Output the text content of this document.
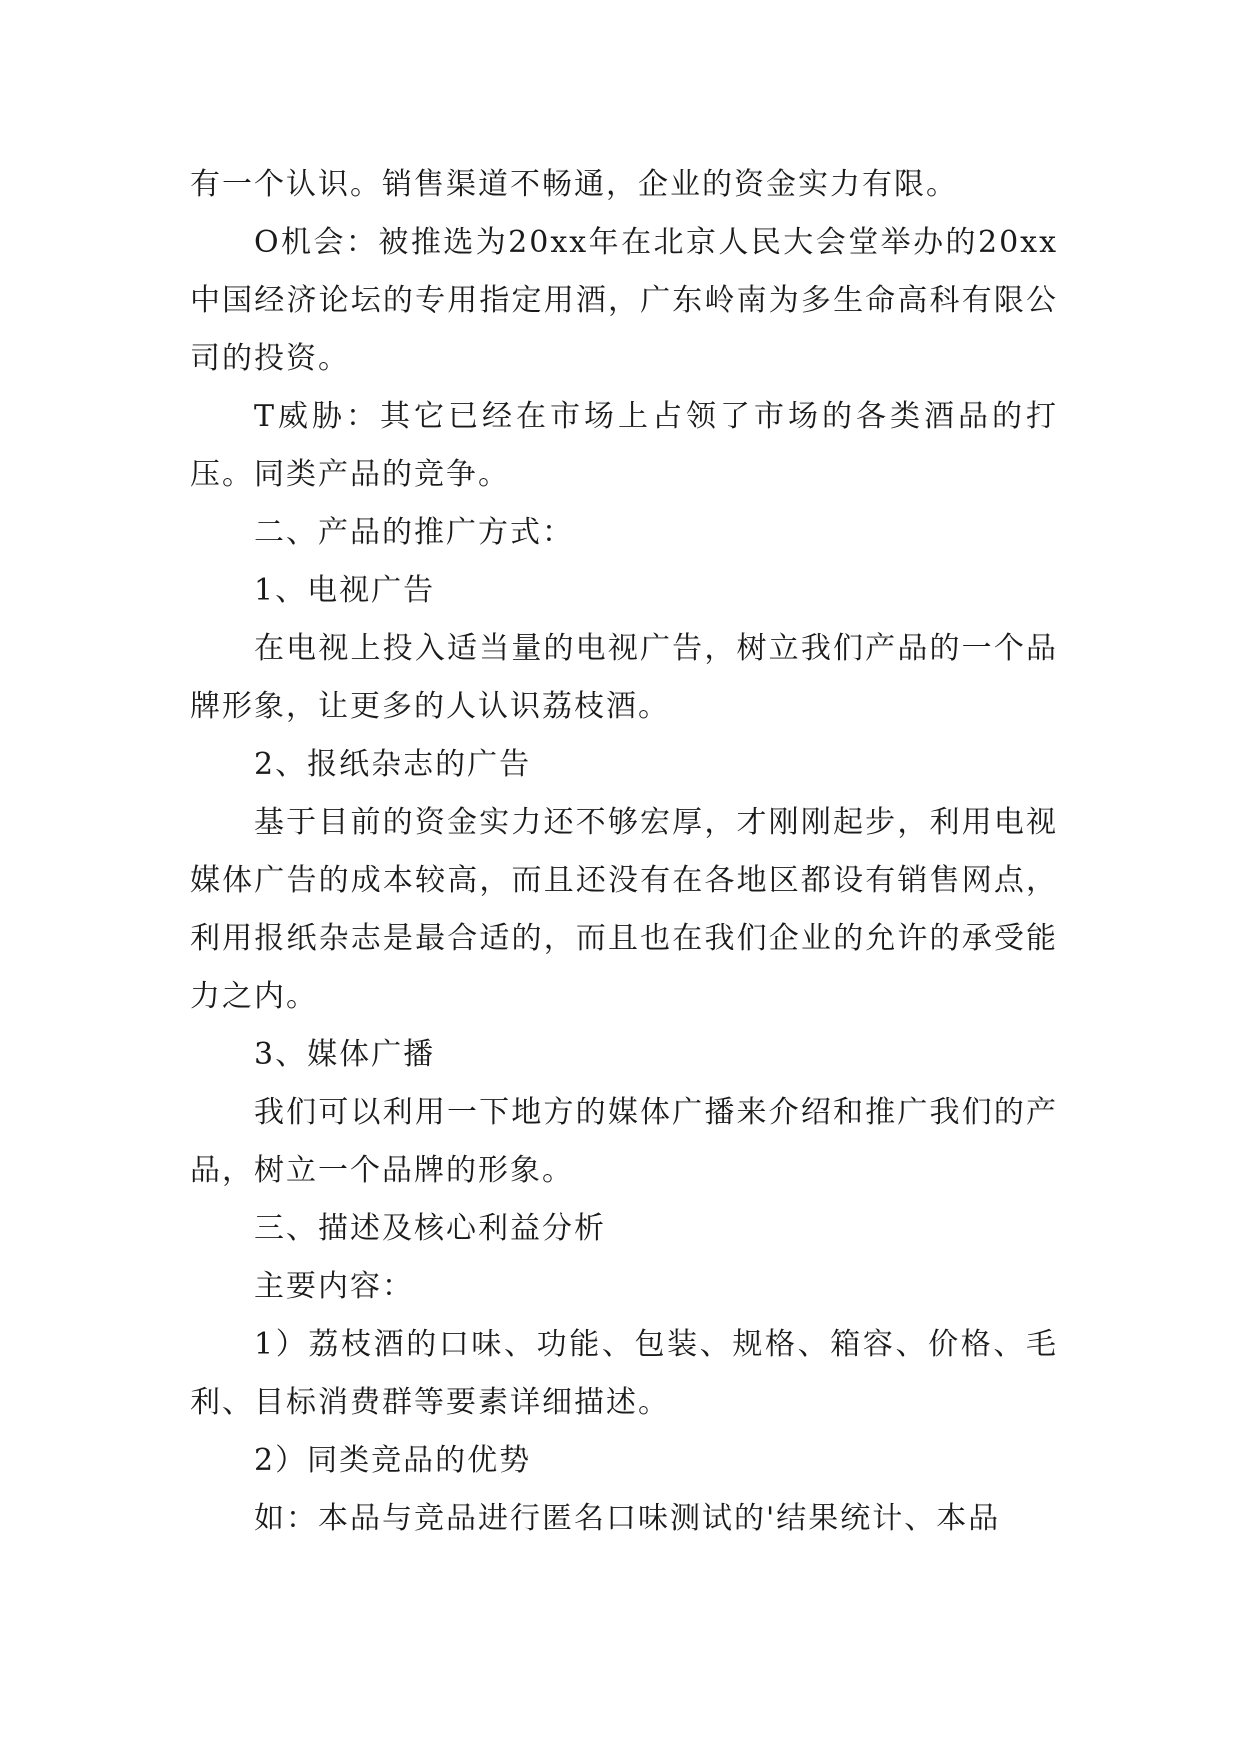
有一个认识。销售渠道不畅通，企业的资金实力有限。

O机会：被推选为20xx年在北京人民大会堂举办的20xx中国经济论坛的专用指定用酒，广东岭南为多生命高科有限公司的投资。

T威胁：其它已经在市场上占领了市场的各类酒品的打压。同类产品的竞争。

二、产品的推广方式：

1、电视广告

在电视上投入适当量的电视广告，树立我们产品的一个品牌形象，让更多的人认识荔枝酒。

2、报纸杂志的广告

基于目前的资金实力还不够宏厚，才刚刚起步，利用电视媒体广告的成本较高，而且还没有在各地区都设有销售网点，利用报纸杂志是最合适的，而且也在我们企业的允许的承受能力之内。

3、媒体广播

我们可以利用一下地方的媒体广播来介绍和推广我们的产品，树立一个品牌的形象。

三、描述及核心利益分析

主要内容：

1）荔枝酒的口味、功能、包装、规格、箱容、价格、毛利、目标消费群等要素详细描述。

2）同类竞品的优势

如：本品与竞品进行匿名口味测试的'结果统计、本品
